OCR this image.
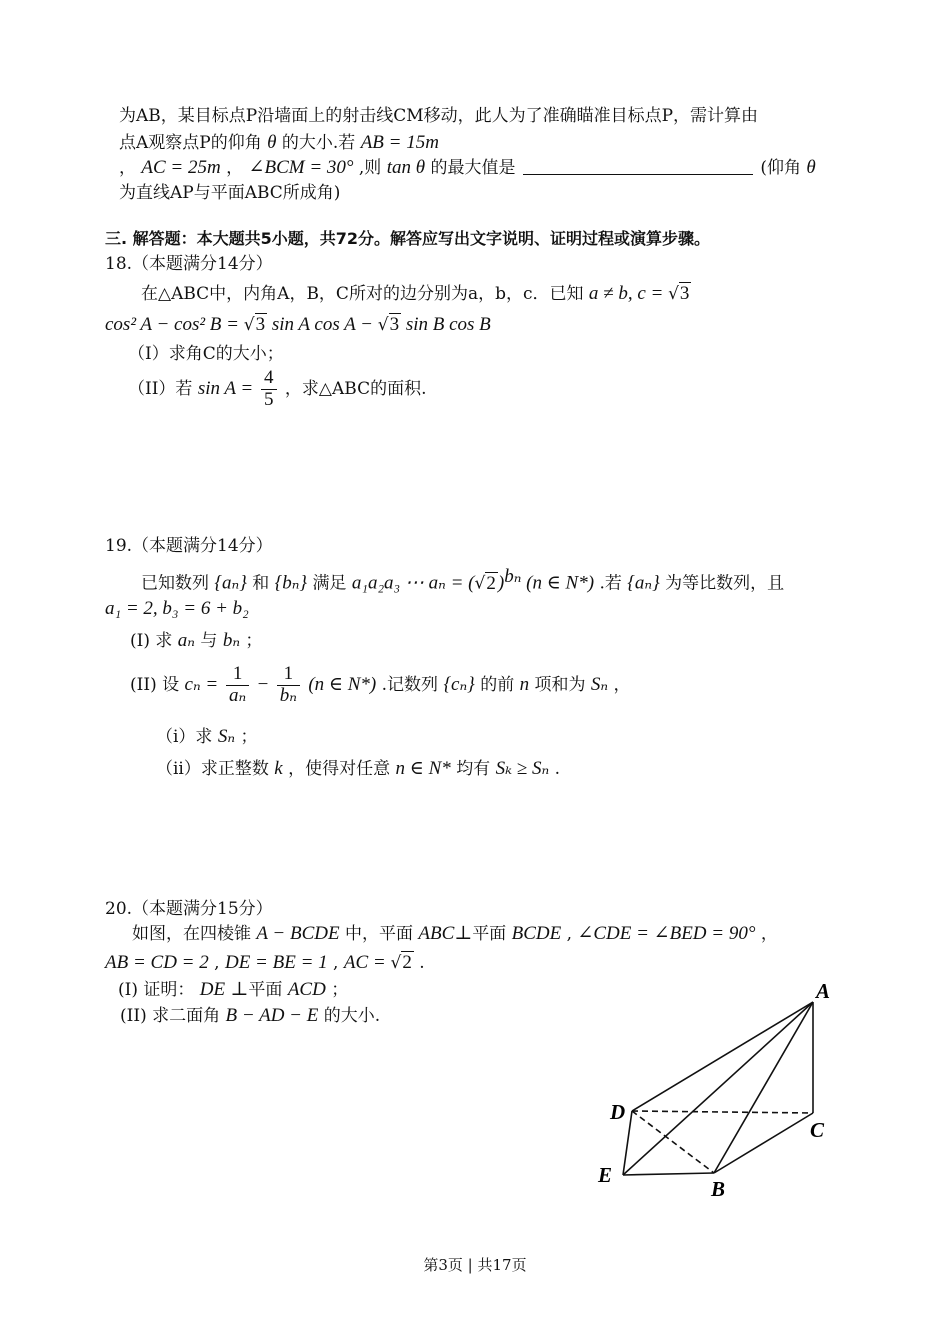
为AB，某目标点P沿墙面上的射击线CM移动，此人为了准确瞄准目标点P，需计算由
点A观察点P的仰角 θ 的大小.若 AB = 15m
， AC = 25m ， ∠BCM = 30° ,则 tan θ 的最大值是	(仰角 θ
为直线AP与平面ABC所成角)
三. 解答题：本大题共5小题，共72分。解答应写出文字说明、证明过程或演算步骤。
18.（本题满分14分）
在△ABC中，内角A，B，C所对的边分别为a，b，c．已知 a ≠ b, c = √3
cos² A − cos² B = √3 sin A cos A − √3 sin B cos B
（I）求角C的大小；
（II）若 $\sin A = \frac{4}{5}$ ，求△ABC的面积.
19.（本题满分14分）
已知数列 {aₙ} 和 {bₙ} 满足 a₁a₂a₃ ⋯ aₙ = (√2 )$^{b_n}$ (n ∈ N*) .若 {aₙ} 为等比数列，且
a₁ = 2, b₃ = 6 + b₂
(I) 求 aₙ 与 bₙ ；
(II) 设 $c_n = \frac{1}{\text{aₙ}} - \frac{1}{\text{bₙ}} (n$ ∈ N*) .记数列 {cₙ} 的前 n 项和为 Sₙ ，
（i）求 Sₙ ；
（ii）求正整数 k ，使得对任意 n ∈ N* 均有 Sₖ ≥ Sₙ .
20.（本题满分15分）
如图，在四棱锥 A − BCDE 中，平面 ABC⊥平面 BCDE , ∠CDE = ∠BED = 90° ，
AB = CD = 2 , DE = BE = 1 , AC = √2 .
(I) 证明： DE ⊥平面 ACD ；
(II) 求二面角 B − AD − E 的大小.
A
D
C
E
B
第3页 | 共17页
